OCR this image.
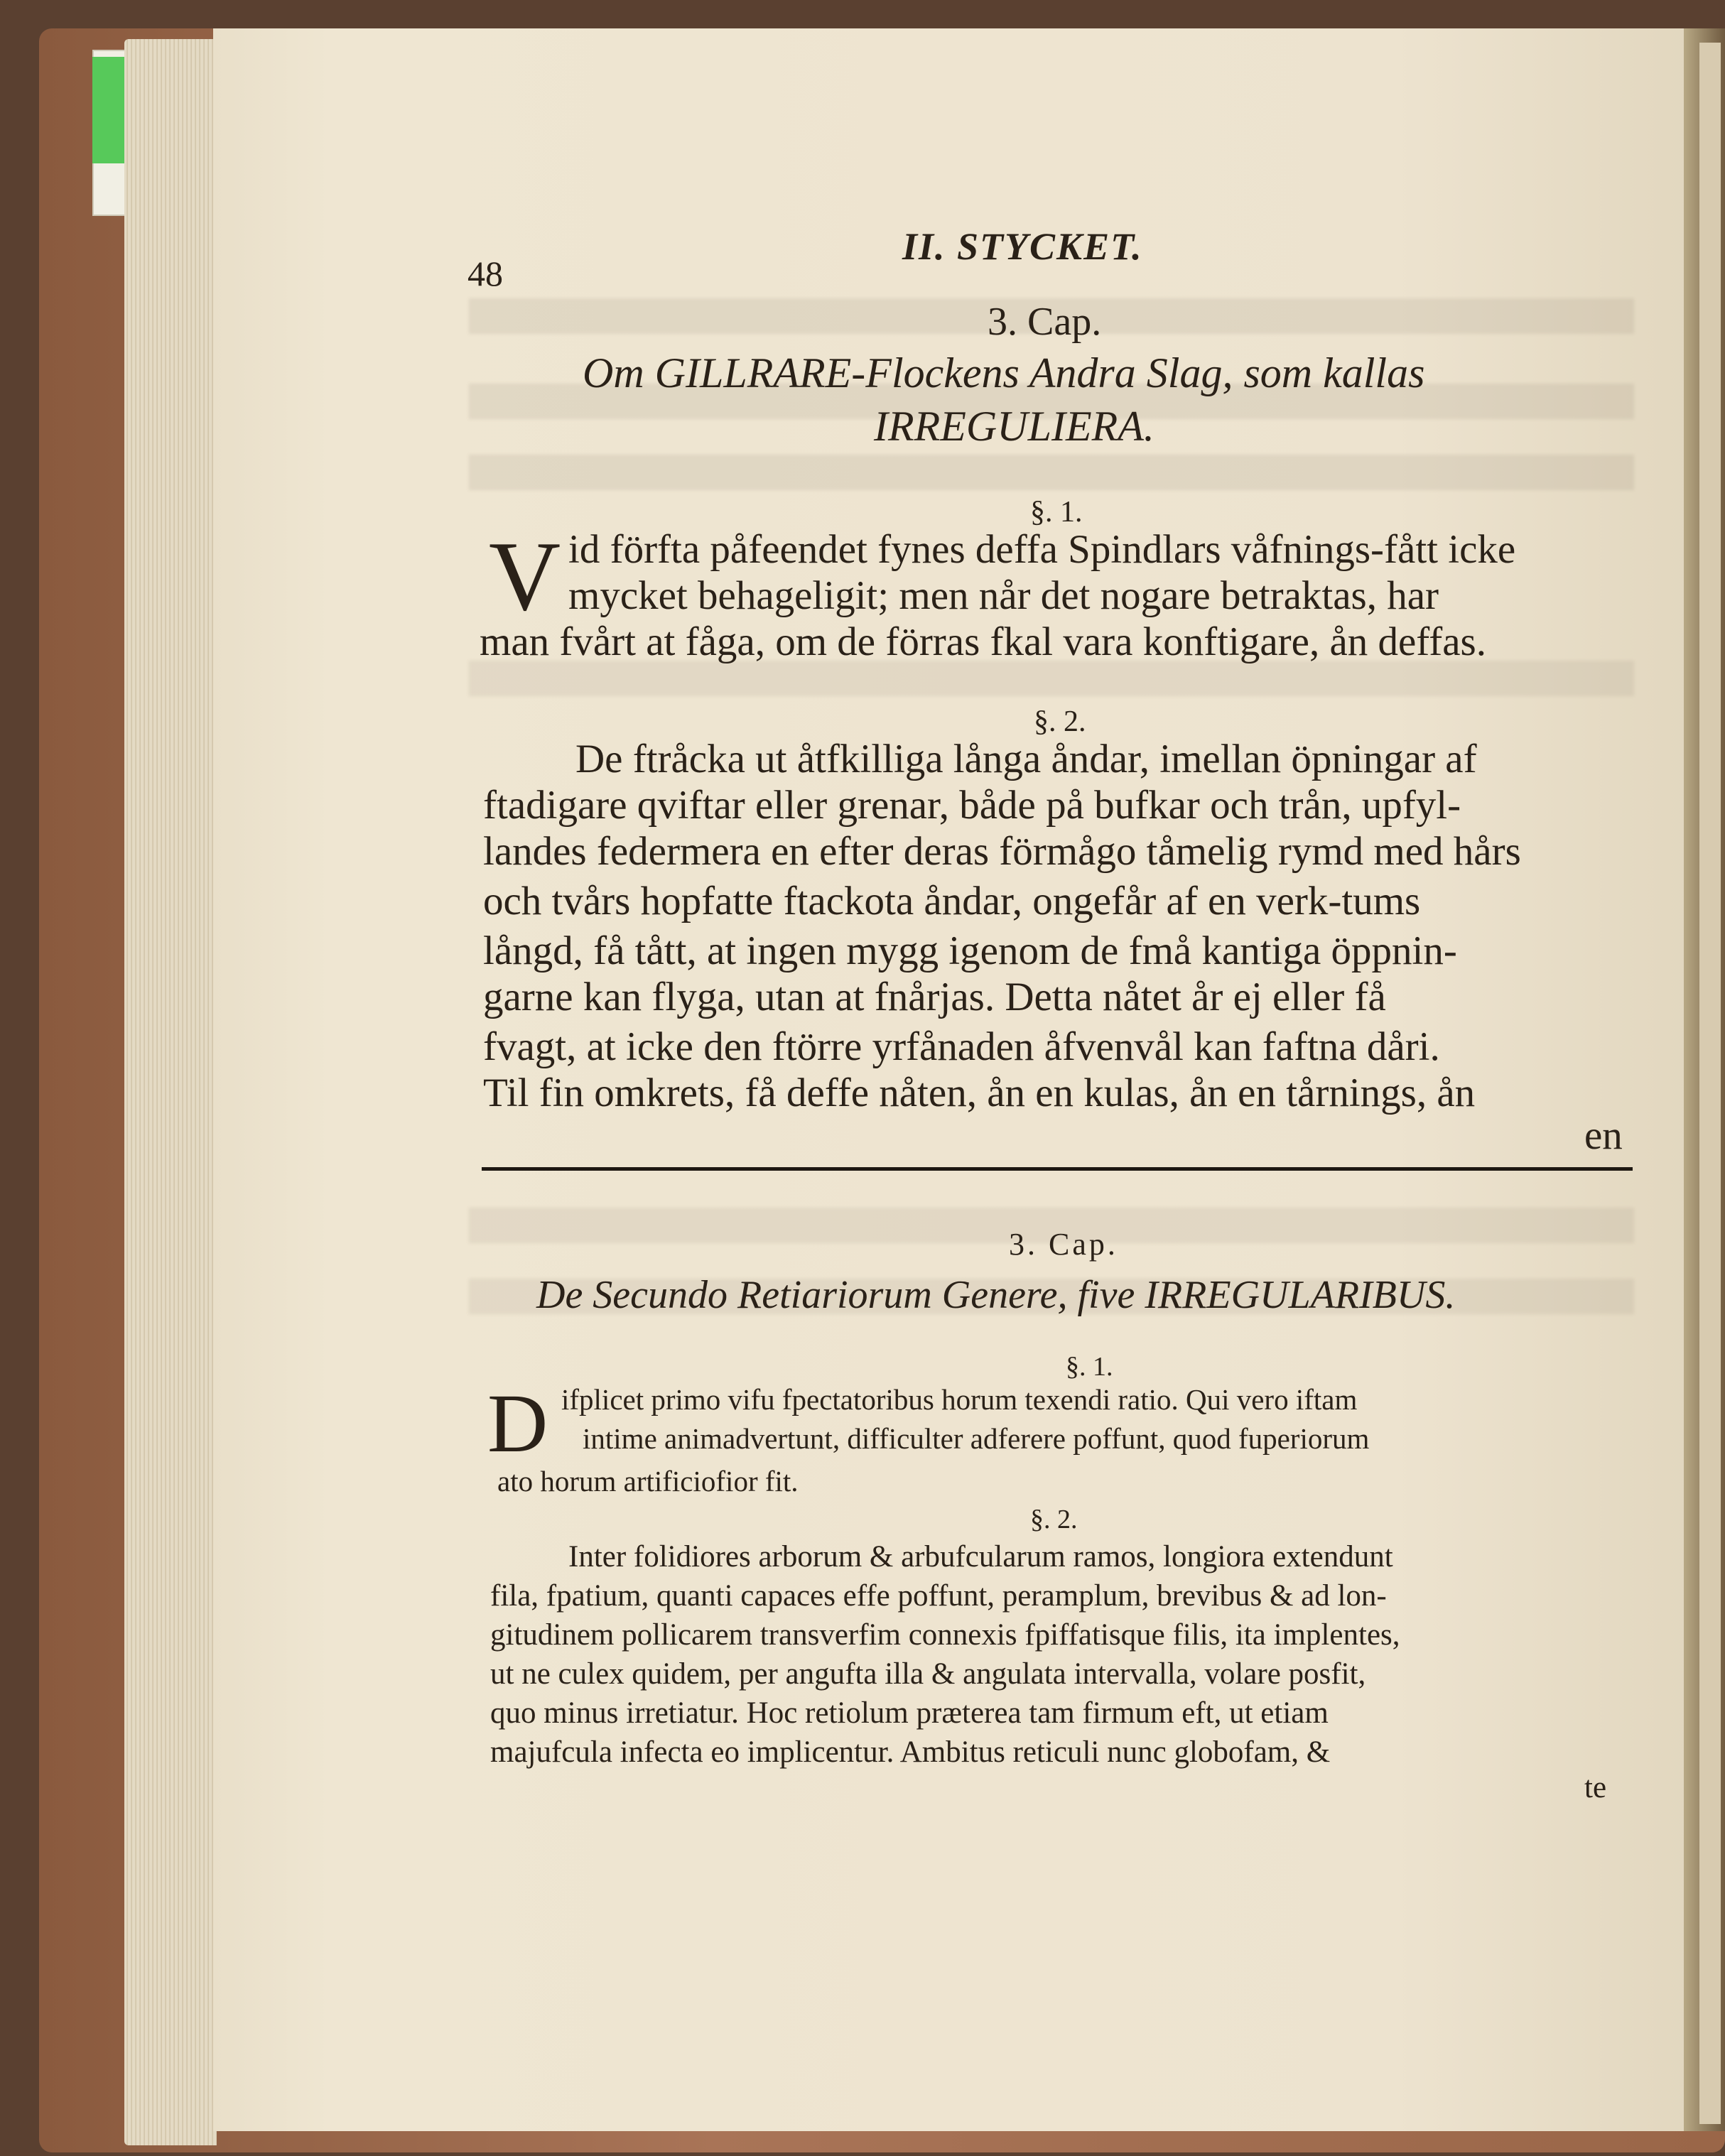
48
II. STYCKET.
3. Cap.
Om GILLRARE-Flockens Andra Slag, som kallas
IRREGULIERA.
§. 1.
V id förfta påfeendet fynes deffa Spindlars våfnings-fått icke
mycket behageligit; men når det nogare betraktas, har
man fvårt at fåga, om de förras fkal vara konftigare, ån deffas.
§. 2.
De ftråcka ut åtfkilliga långa åndar, imellan öpningar af
ftadigare qviftar eller grenar, både på bufkar och trån, upfyl-
landes federmera en efter deras förmågo tåmelig rymd med hårs
och tvårs hopfatte ftackota åndar, ongefår af en verk-tums
långd, få tått, at ingen mygg igenom de fmå kantiga öppnin-
garne kan flyga, utan at fnårjas. Detta nåtet år ej eller få
fvagt, at icke den ftörre yrfånaden åfvenvål kan faftna dåri.
Til fin omkrets, få deffe nåten, ån en kulas, ån en tårnings, ån
en
3. Cap.
De Secundo Retiariorum Genere, five IRREGULARIBUS.
§. 1.
D ifplicet primo vifu fpectatoribus horum texendi ratio. Qui vero iftam
intime animadvertunt, difficulter adferere poffunt, quod fuperiorum
ato horum artificiofior fit.
§. 2.
Inter folidiores arborum & arbufcularum ramos, longiora extendunt
fila, fpatium, quanti capaces effe poffunt, peramplum, brevibus & ad lon-
gitudinem pollicarem transverfim connexis fpiffatisque filis, ita implentes,
ut ne culex quidem, per angufta illa & angulata intervalla, volare posfit,
quo minus irretiatur. Hoc retiolum præterea tam firmum eft, ut etiam
majufcula infecta eo implicentur. Ambitus reticuli nunc globofam, &
te
